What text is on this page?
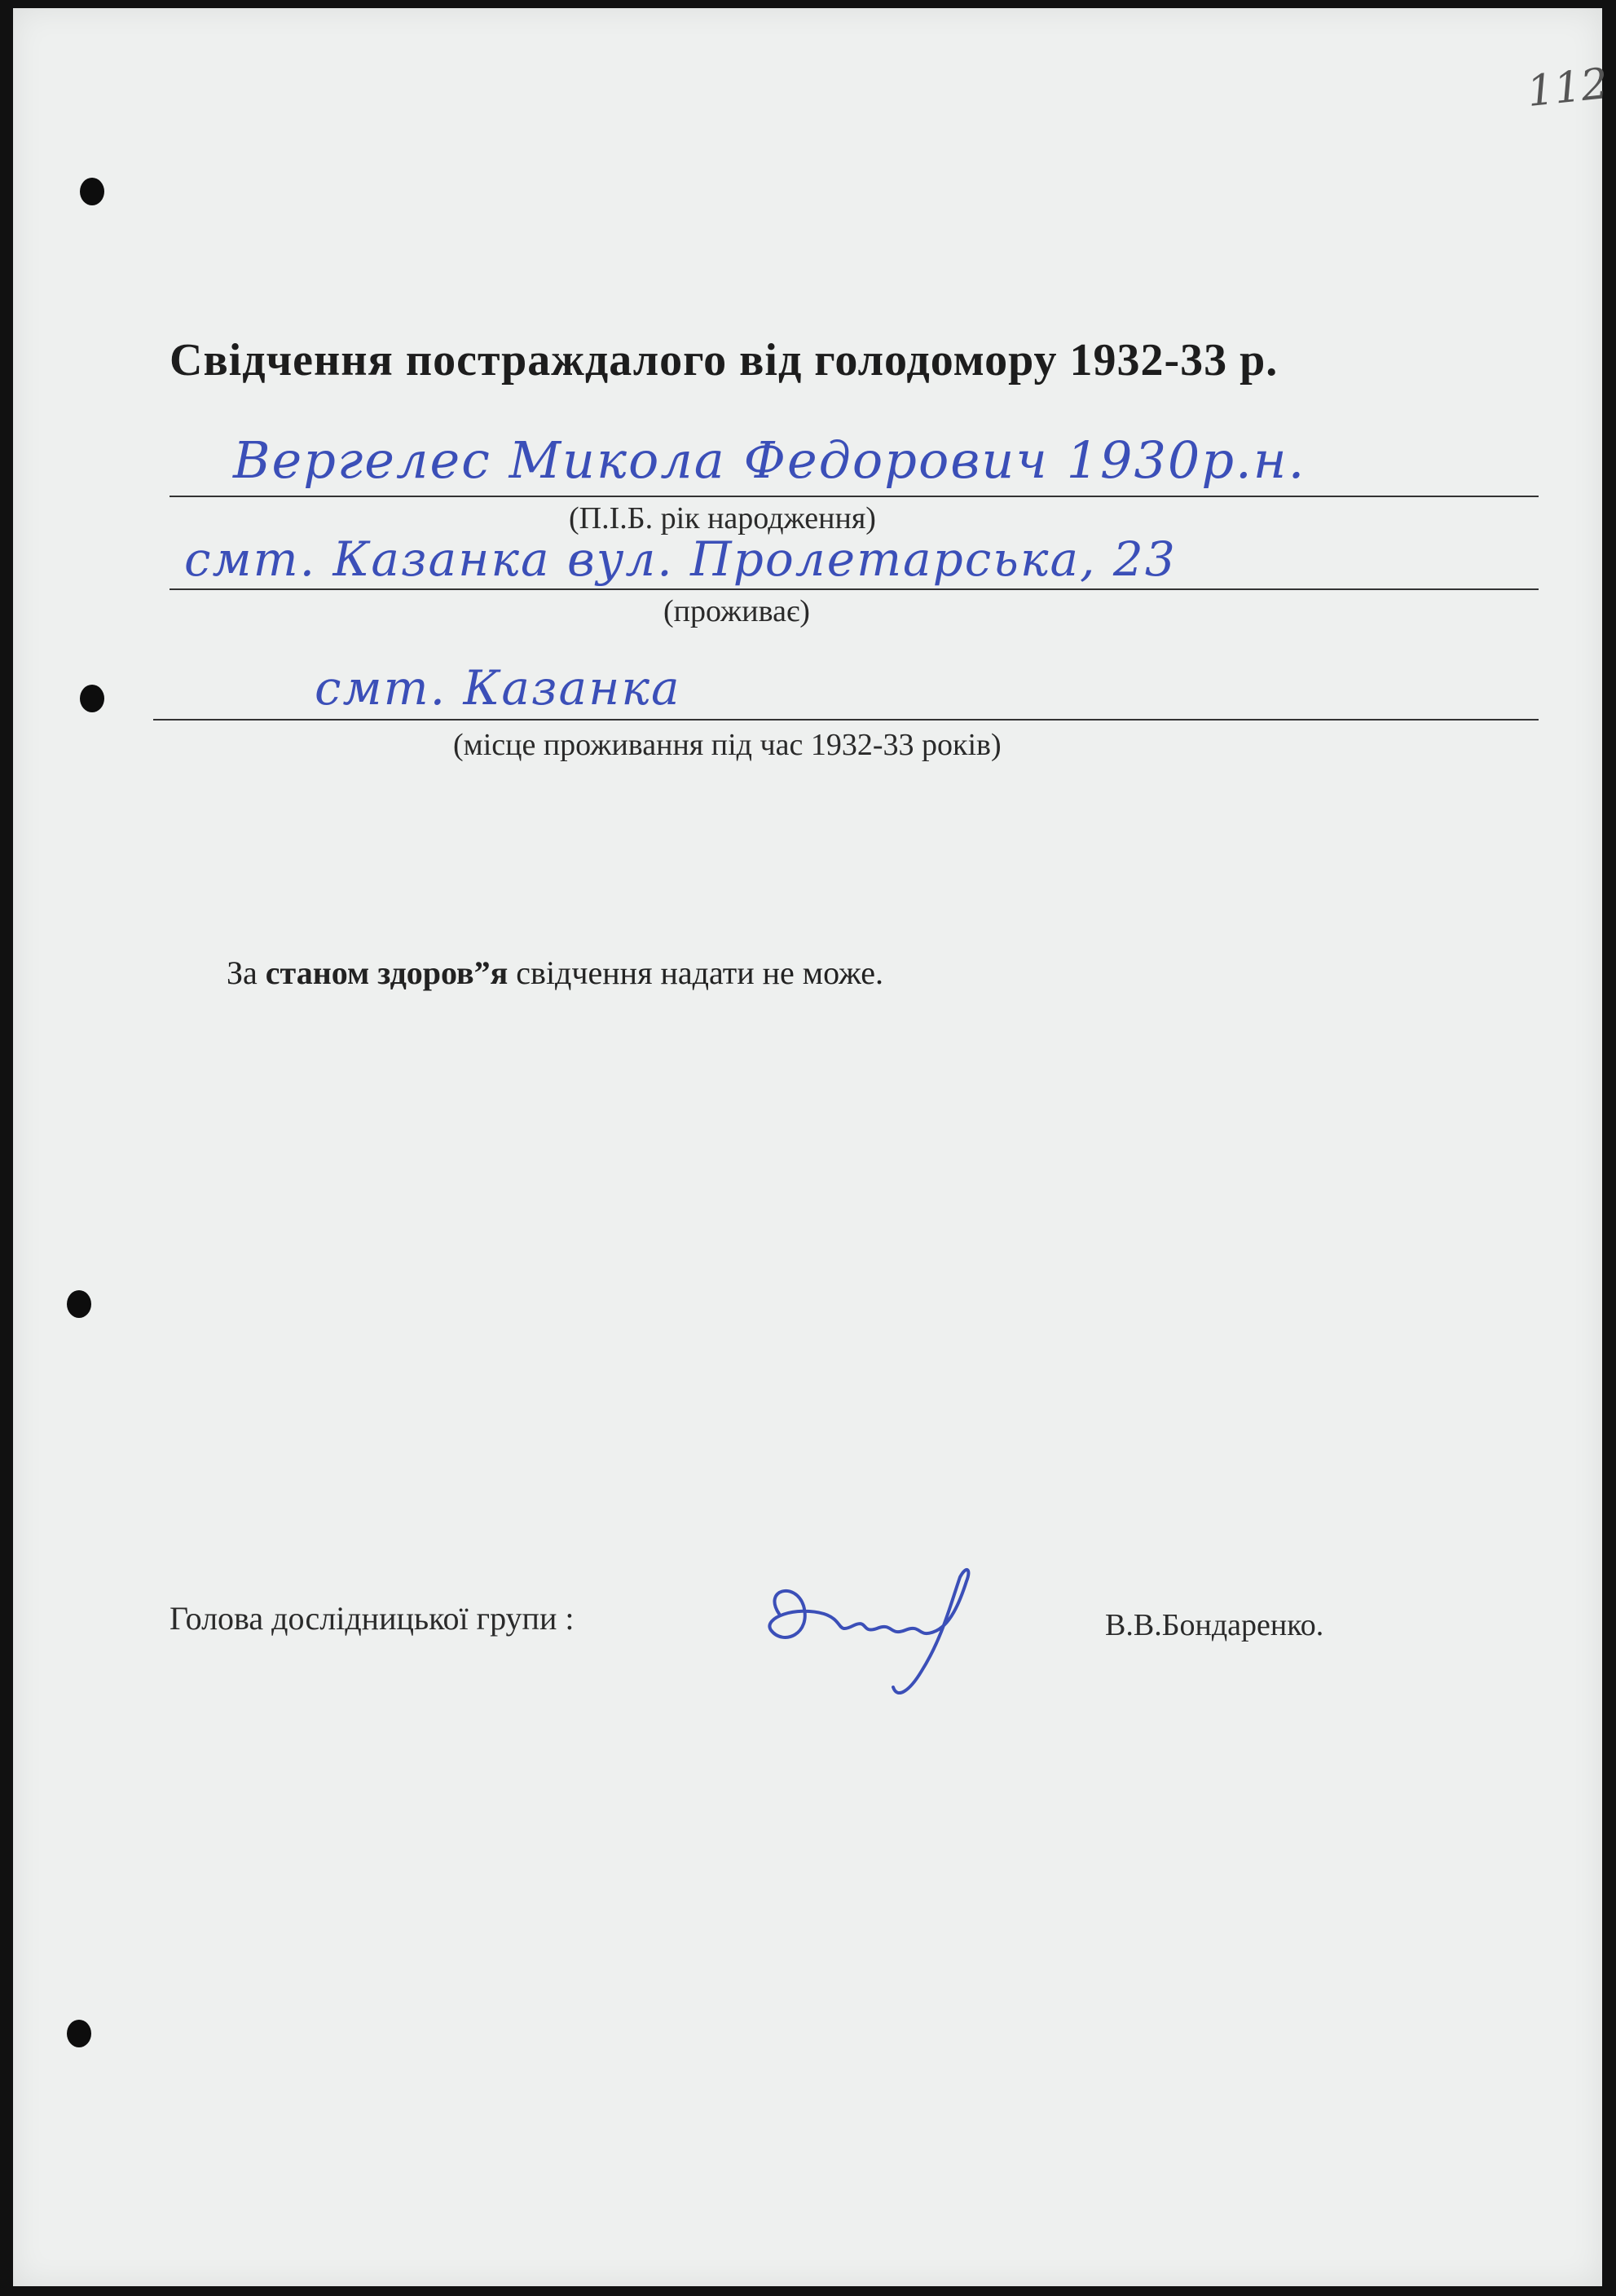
112
Свідчення постраждалого від голодомору 1932-33 р.
Вергелес Микола Федорович 1930р.н.
(П.І.Б. рік народження)
смт. Казанка вул. Пролетарська, 23
(проживає)
смт. Казанка
(місце проживання під час 1932-33 років)
За станом здоров”я свідчення надати не може.
Голова дослідницької групи :	В.В.Бондаренко.
